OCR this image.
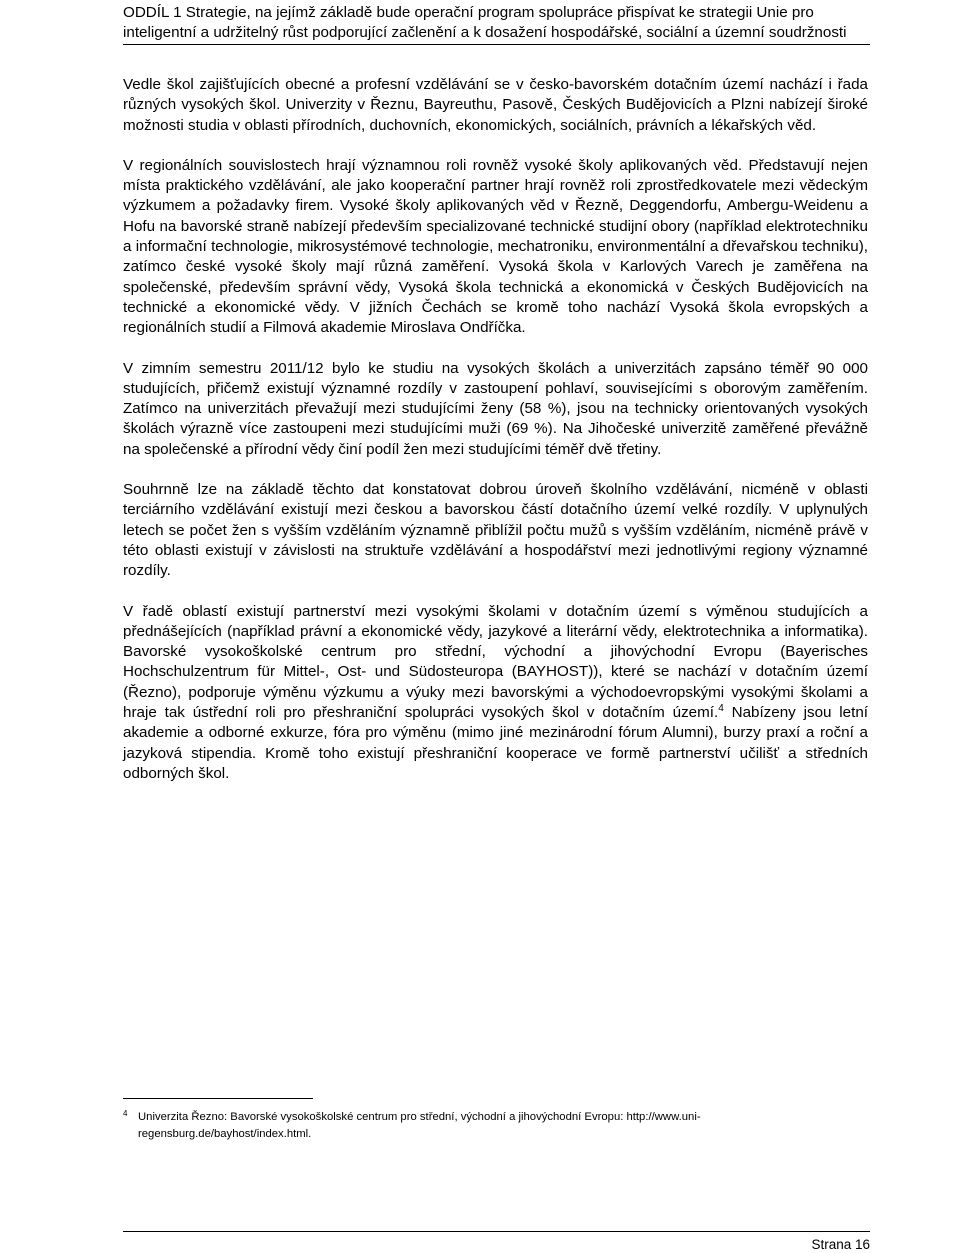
ODDÍL 1 Strategie, na jejímž základě bude operační program spolupráce přispívat ke strategii Unie pro inteligentní a udržitelný růst podporující začlenění a k dosažení hospodářské, sociální a územní soudržnosti

Vedle škol zajišťujících obecné a profesní vzdělávání se v česko-bavorském dotačním území nachází i řada různých vysokých škol. Univerzity v Řeznu, Bayreuthu, Pasově, Českých Budějovicích a Plzni nabízejí široké možnosti studia v oblasti přírodních, duchovních, ekonomických, sociálních, právních a lékařských věd.

V regionálních souvislostech hrají významnou roli rovněž vysoké školy aplikovaných věd. Představují nejen místa praktického vzdělávání, ale jako kooperační partner hrají rovněž roli zprostředkovatele mezi vědeckým výzkumem a požadavky firem. Vysoké školy aplikovaných věd v Řezně, Deggendorfu, Ambergu-Weidenu a Hofu na bavorské straně nabízejí především specializované technické studijní obory (například elektrotechniku a informační technologie, mikrosystémové technologie, mechatroniku, environmentální a dřevařskou techniku), zatímco české vysoké školy mají různá zaměření. Vysoká škola v Karlových Varech je zaměřena na společenské, především správní vědy, Vysoká škola technická a ekonomická v Českých Budějovicích na technické a ekonomické vědy. V jižních Čechách se kromě toho nachází Vysoká škola evropských a regionálních studií a Filmová akademie Miroslava Ondříčka.

V zimním semestru 2011/12 bylo ke studiu na vysokých školách a univerzitách zapsáno téměř 90 000 studujících, přičemž existují významné rozdíly v zastoupení pohlaví, souvisejícími s oborovým zaměřením. Zatímco na univerzitách převažují mezi studujícími ženy (58 %), jsou na technicky orientovaných vysokých školách výrazně více zastoupeni mezi studujícími muži (69 %). Na Jihočeské univerzitě zaměřené převážně na společenské a přírodní vědy činí podíl žen mezi studujícími téměř dvě třetiny.

Souhrnně lze na základě těchto dat konstatovat dobrou úroveň školního vzdělávání, nicméně v oblasti terciárního vzdělávání existují mezi českou a bavorskou částí dotačního území velké rozdíly. V uplynulých letech se počet žen s vyšším vzděláním významně přiblížil počtu mužů s vyšším vzděláním, nicméně právě v této oblasti existují v závislosti na struktuře vzdělávání a hospodářství mezi jednotlivými regiony významné rozdíly.

V řadě oblastí existují partnerství mezi vysokými školami v dotačním území s výměnou studujících a přednášejících (například právní a ekonomické vědy, jazykové a literární vědy, elektrotechnika a informatika). Bavorské vysokoškolské centrum pro střední, východní a jihovýchodní Evropu (Bayerisches Hochschulzentrum für Mittel-, Ost- und Südosteuropa (BAYHOST)), které se nachází v dotačním území (Řezno), podporuje výměnu výzkumu a výuky mezi bavorskými a východoevropskými vysokými školami a hraje tak ústřední roli pro přeshraniční spolupráci vysokých škol v dotačním území.$^4$ Nabízeny jsou letní akademie a odborné exkurze, fóra pro výměnu (mimo jiné mezinárodní fórum Alumni), burzy praxí a roční a jazyková stipendia. Kromě toho existují přeshraniční kooperace ve formě partnerství učilišť a středních odborných škol.

4 Univerzita Řezno: Bavorské vysokoškolské centrum pro střední, východní a jihovýchodní Evropu: http://www.uni-regensburg.de/bayhost/index.html.
Strana 16
